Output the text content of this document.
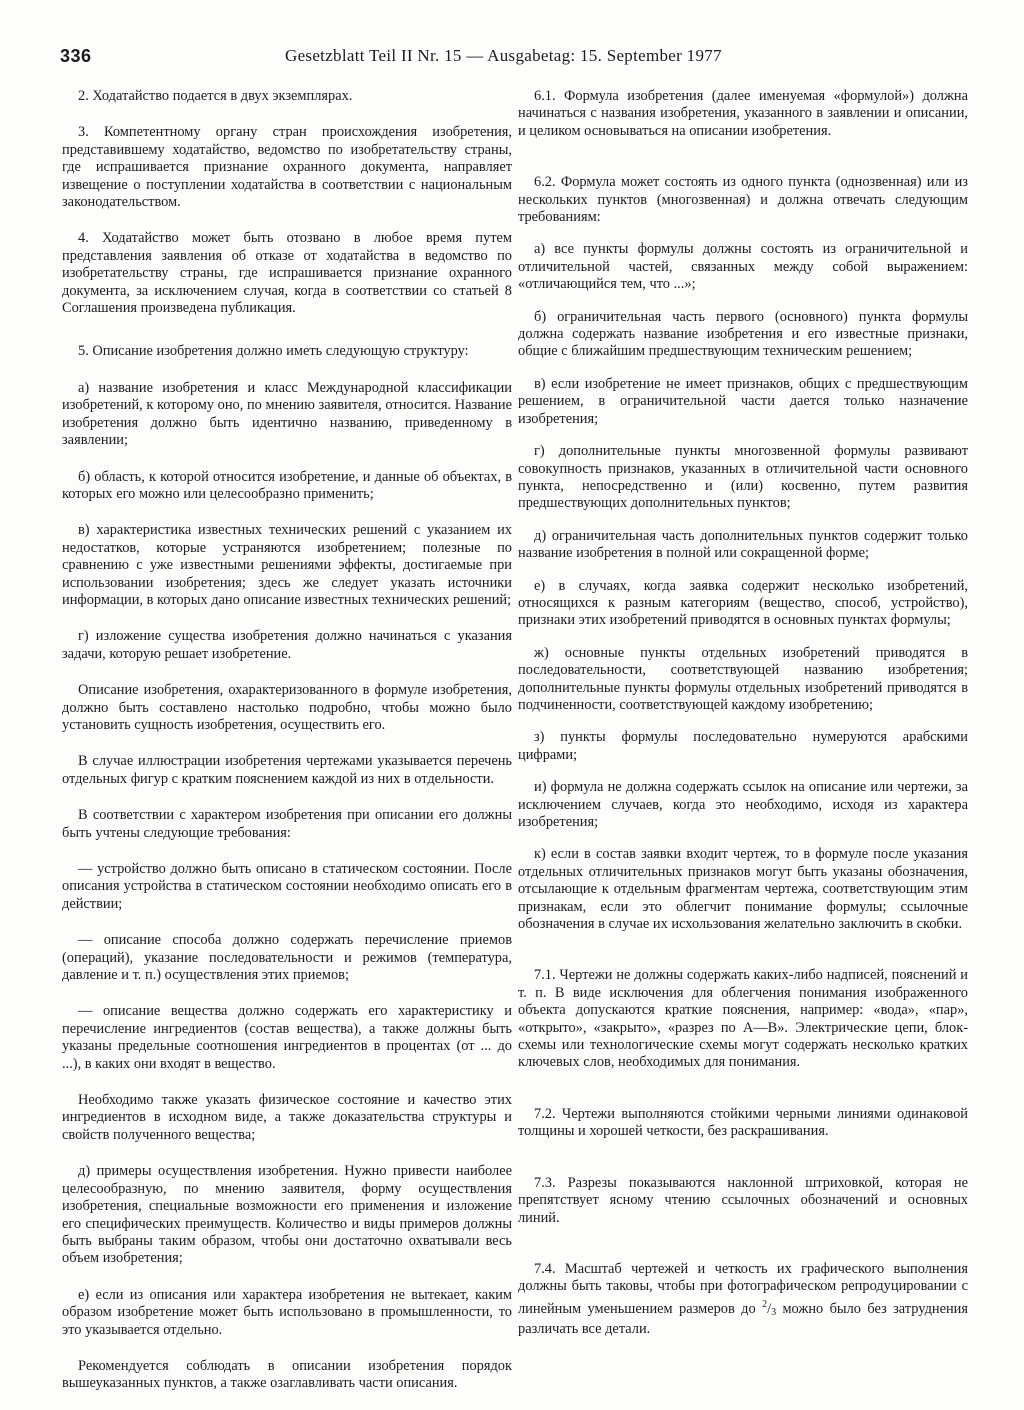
336	Gesetzblatt Teil II Nr. 15 — Ausgabetag: 15. September 1977

2. Ходатайство подается в двух экземплярах.

3. Компетентному органу стран происхождения изобретения, представившему ходатайство, ведомство по изобретательству страны, где испрашивается признание охранного документа, направляет извещение о поступлении ходатайства в соответствии с национальным законодательством.

4. Ходатайство может быть отозвано в любое время путем представления заявления об отказе от ходатайства в ведомство по изобретательству страны, где испрашивается признание охранного документа, за исключением случая, когда в соответствии со статьей 8 Соглашения произведена публикация.

5. Описание изобретения должно иметь следующую структуру:

а) название изобретения и класс Международной классификации изобретений, к которому оно, по мнению заявителя, относится. Название изобретения должно быть идентично названию, приведенному в заявлении;

б) область, к которой относится изобретение, и данные об объектах, в которых его можно или целесообразно применить;

в) характеристика известных технических решений с указанием их недостатков, которые устраняются изобретением; полезные по сравнению с уже известными решениями эффекты, достигаемые при использовании изобретения; здесь же следует указать источники информации, в которых дано описание известных технических решений;

г) изложение существа изобретения должно начинаться с указания задачи, которую решает изобретение.

Описание изобретения, охарактеризованного в формуле изобретения, должно быть составлено настолько подробно, чтобы можно было установить сущность изобретения, осуществить его.

В случае иллюстрации изобретения чертежами указывается перечень отдельных фигур с кратким пояснением каждой из них в отдельности.

В соответствии с характером изобретения при описании его должны быть учтены следующие требования:

— устройство должно быть описано в статическом состоянии. После описания устройства в статическом состоянии необходимо описать его в действии;

— описание способа должно содержать перечисление приемов (операций), указание последовательности и режимов (температура, давление и т. п.) осуществления этих приемов;

— описание вещества должно содержать его характеристику и перечисление ингредиентов (состав вещества), а также должны быть указаны предельные соотношения ингредиентов в процентах (от ... до ...), в каких они входят в вещество.

Необходимо также указать физическое состояние и качество этих ингредиентов в исходном виде, а также доказательства структуры и свойств полученного вещества;

д) примеры осуществления изобретения. Нужно привести наиболее целесообразную, по мнению заявителя, форму осуществления изобретения, специальные возможности его применения и изложение его специфических преимуществ. Количество и виды примеров должны быть выбраны таким образом, чтобы они достаточно охватывали весь объем изобретения;

е) если из описания или характера изобретения не вытекает, каким образом изобретение может быть использовано в промышленности, то это указывается отдельно.

Рекомендуется соблюдать в описании изобретения порядок вышеуказанных пунктов, а также озаглавливать части описания.

6.1. Формула изобретения (далее именуемая «формулой») должна начинаться с названия изобретения, указанного в заявлении и описании, и целиком основываться на описании изобретения.

6.2. Формула может состоять из одного пункта (однозвенная) или из нескольких пунктов (многозвенная) и должна отвечать следующим требованиям:

а) все пункты формулы должны состоять из ограничительной и отличительной частей, связанных между собой выражением: «отличающийся тем, что ...»;

б) ограничительная часть первого (основного) пункта формулы должна содержать название изобретения и его известные признаки, общие с ближайшим предшествующим техническим решением;

в) если изобретение не имеет признаков, общих с предшествующим решением, в ограничительной части дается только назначение изобретения;

г) дополнительные пункты многозвенной формулы развивают совокупность признаков, указанных в отличительной части основного пункта, непосредственно и (или) косвенно, путем развития предшествующих дополнительных пунктов;

д) ограничительная часть дополнительных пунктов содержит только название изобретения в полной или сокращенной форме;

е) в случаях, когда заявка содержит несколько изобретений, относящихся к разным категориям (вещество, способ, устройство), признаки этих изобретений приводятся в основных пунктах формулы;

ж) основные пункты отдельных изобретений приводятся в последовательности, соответствующей названию изобретения; дополнительные пункты формулы отдельных изобретений приводятся в подчиненности, соответствующей каждому изобретению;

з) пункты формулы последовательно нумеруются арабскими цифрами;

и) формула не должна содержать ссылок на описание или чертежи, за исключением случаев, когда это необходимо, исходя из характера изобретения;

к) если в состав заявки входит чертеж, то в формуле после указания отдельных отличительных признаков могут быть указаны обозначения, отсылающие к отдельным фрагментам чертежа, соответствующим этим признакам, если это облегчит понимание формулы; ссылочные обозначения в случае их исхользования желательно заключить в скобки.

7.1. Чертежи не должны содержать каких-либо надписей, пояснений и т. п. В виде исключения для облегчения понимания изображенного объекта допускаются краткие пояснения, например: «вода», «пар», «открыто», «закрыто», «разрез по А—В». Электрические цепи, блок-схемы или технологические схемы могут содержать несколько кратких ключевых слов, необходимых для понимания.

7.2. Чертежи выполняются стойкими черными линиями одинаковой толщины и хорошей четкости, без раскрашивания.

7.3. Разрезы показываются наклонной штриховкой, которая не препятствует ясному чтению ссылочных обозначений и основных линий.

7.4. Масштаб чертежей и четкость их графического выполнения должны быть таковы, чтобы при фотографическом репродуцировании с линейным уменьшением размеров до $^2/_3$ можно было без затруднения различать все детали.
